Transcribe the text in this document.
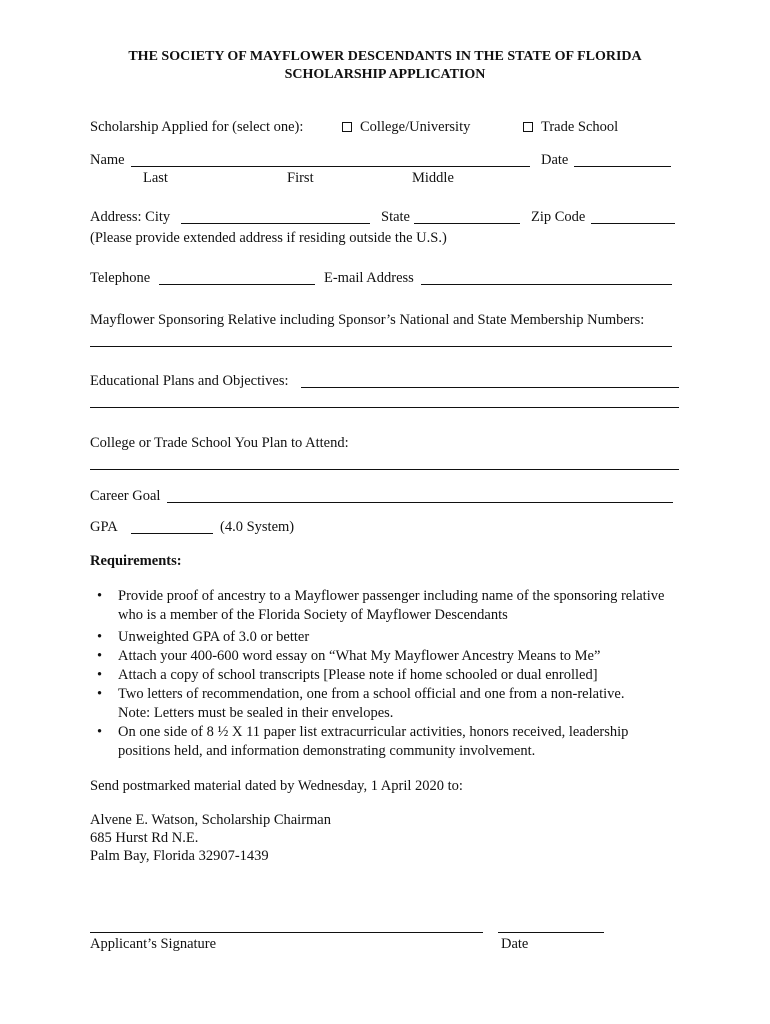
THE SOCIETY OF MAYFLOWER DESCENDANTS IN THE STATE OF FLORIDA
SCHOLARSHIP APPLICATION
Scholarship Applied for (select one):	College/University	Trade School
Name	Date
Last	First	Middle
Address: City	State	Zip Code
(Please provide extended address if residing outside the U.S.)
Telephone	E-mail Address
Mayflower Sponsoring Relative including Sponsor’s National and State Membership Numbers:
Educational Plans and Objectives:
College or Trade School You Plan to Attend:
Career Goal
GPA	(4.0 System)
Requirements:
• Provide proof of ancestry to a Mayflower passenger including name of the sponsoring relative who is a member of the Florida Society of Mayflower Descendants
• Unweighted GPA of 3.0 or better
• Attach your 400-600 word essay on “What My Mayflower Ancestry Means to Me”
• Attach a copy of school transcripts [Please note if home schooled or dual enrolled]
• Two letters of recommendation, one from a school official and one from a non-relative. Note: Letters must be sealed in their envelopes.
• On one side of 8 ½ X 11 paper list extracurricular activities, honors received, leadership positions held, and information demonstrating community involvement.
Send postmarked material dated by Wednesday, 1 April 2020 to:
Alvene E. Watson, Scholarship Chairman
685 Hurst Rd N.E.
Palm Bay, Florida 32907-1439
Applicant’s Signature	Date
